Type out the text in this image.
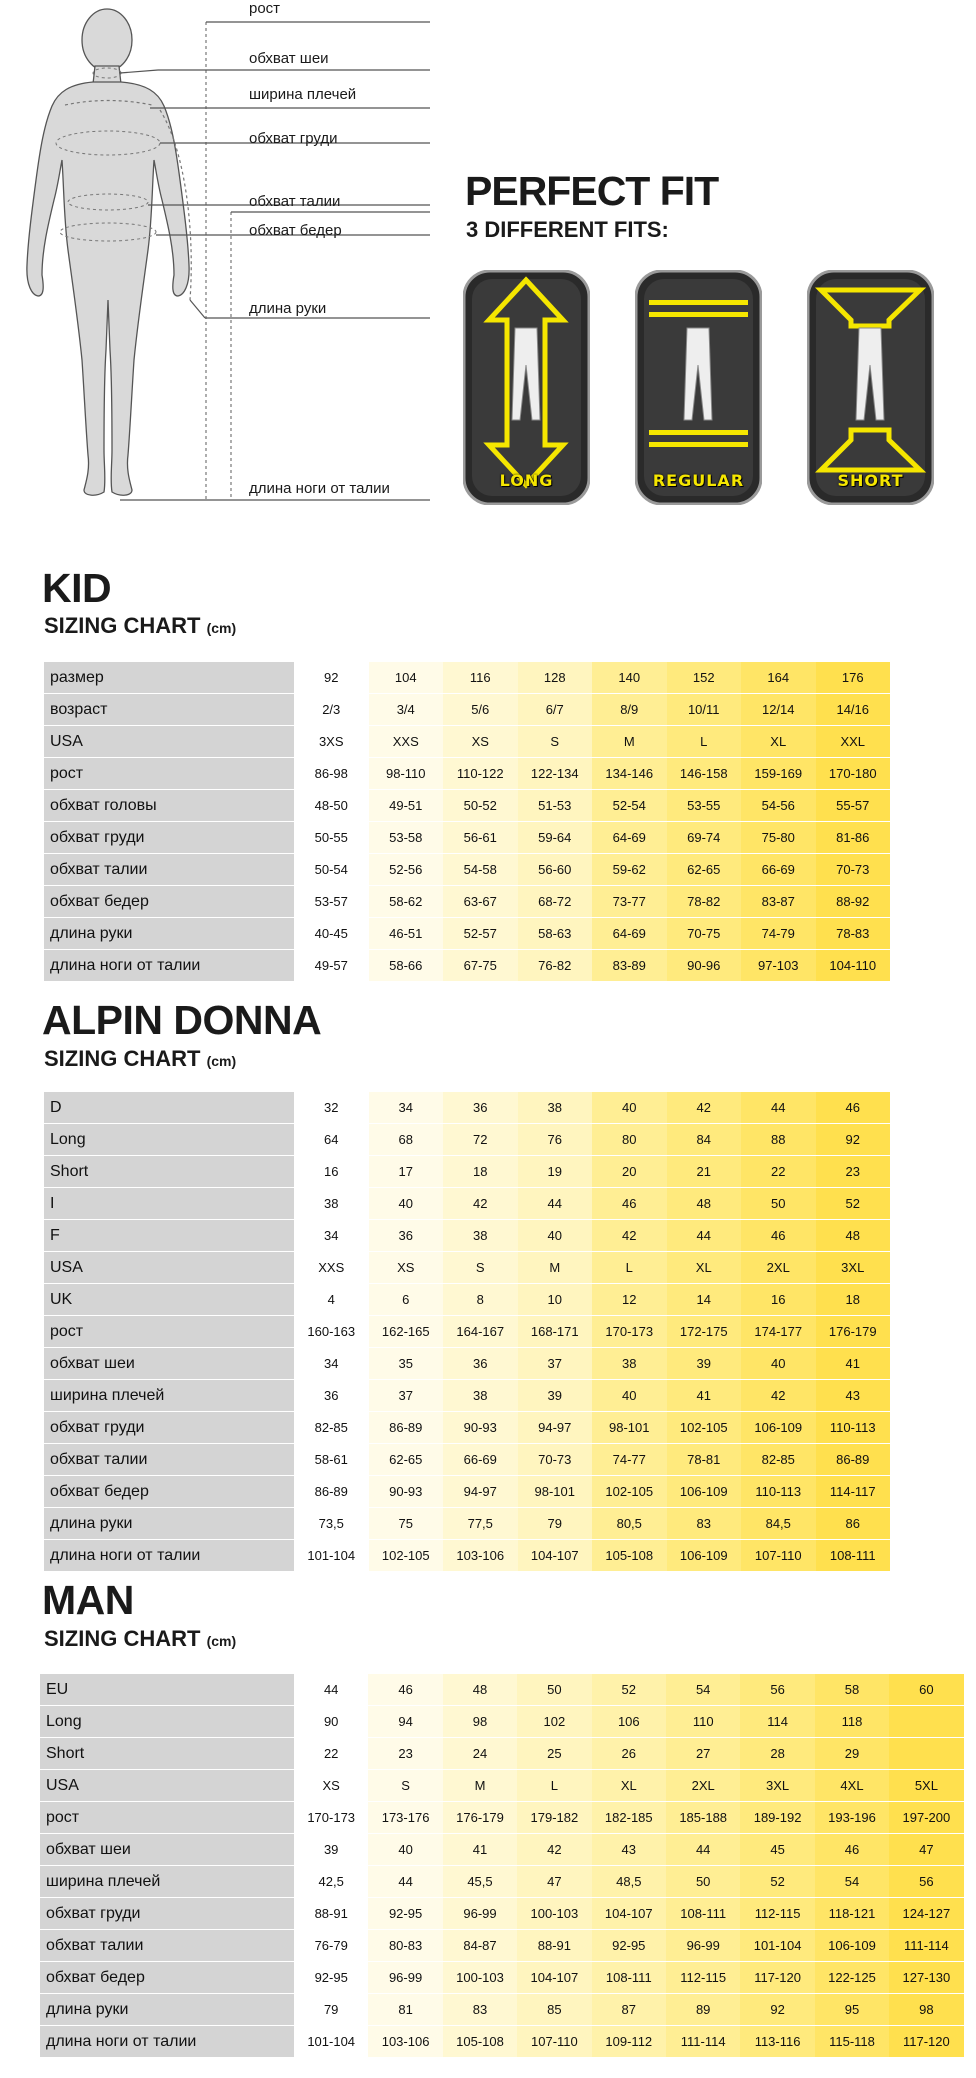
рост
обхват шеи
ширина плечей
обхват груди
обхват талии
обхват бедер
длина руки
длина ноги от талии
PERFECT FIT
3 DIFFERENT FITS:
LONG	REGULAR	SHORT
KID
SIZING CHART (cm)
размер	92	104	116	128	140	152	164	176
возраст	2/3	3/4	5/6	6/7	8/9	10/11	12/14	14/16
USA	3XS	XXS	XS	S	M	L	XL	XXL
рост	86-98	98-110	110-122	122-134	134-146	146-158	159-169	170-180
обхват головы	48-50	49-51	50-52	51-53	52-54	53-55	54-56	55-57
обхват груди	50-55	53-58	56-61	59-64	64-69	69-74	75-80	81-86
обхват талии	50-54	52-56	54-58	56-60	59-62	62-65	66-69	70-73
обхват бедер	53-57	58-62	63-67	68-72	73-77	78-82	83-87	88-92
длина руки	40-45	46-51	52-57	58-63	64-69	70-75	74-79	78-83
длина ноги от талии	49-57	58-66	67-75	76-82	83-89	90-96	97-103	104-110
ALPIN DONNA
SIZING CHART (cm)
D	32	34	36	38	40	42	44	46
Long	64	68	72	76	80	84	88	92
Short	16	17	18	19	20	21	22	23
I	38	40	42	44	46	48	50	52
F	34	36	38	40	42	44	46	48
USA	XXS	XS	S	M	L	XL	2XL	3XL
UK	4	6	8	10	12	14	16	18
рост	160-163	162-165	164-167	168-171	170-173	172-175	174-177	176-179
обхват шеи	34	35	36	37	38	39	40	41
ширина плечей	36	37	38	39	40	41	42	43
обхват груди	82-85	86-89	90-93	94-97	98-101	102-105	106-109	110-113
обхват талии	58-61	62-65	66-69	70-73	74-77	78-81	82-85	86-89
обхват бедер	86-89	90-93	94-97	98-101	102-105	106-109	110-113	114-117
длина руки	73,5	75	77,5	79	80,5	83	84,5	86
длина ноги от талии	101-104	102-105	103-106	104-107	105-108	106-109	107-110	108-111
MAN
SIZING CHART (cm)
EU	44	46	48	50	52	54	56	58	60
Long	90	94	98	102	106	110	114	118
Short	22	23	24	25	26	27	28	29
USA	XS	S	M	L	XL	2XL	3XL	4XL	5XL
рост	170-173	173-176	176-179	179-182	182-185	185-188	189-192	193-196	197-200
обхват шеи	39	40	41	42	43	44	45	46	47
ширина плечей	42,5	44	45,5	47	48,5	50	52	54	56
обхват груди	88-91	92-95	96-99	100-103	104-107	108-111	112-115	118-121	124-127
обхват талии	76-79	80-83	84-87	88-91	92-95	96-99	101-104	106-109	111-114
обхват бедер	92-95	96-99	100-103	104-107	108-111	112-115	117-120	122-125	127-130
длина руки	79	81	83	85	87	89	92	95	98
длина ноги от талии	101-104	103-106	105-108	107-110	109-112	111-114	113-116	115-118	117-120
